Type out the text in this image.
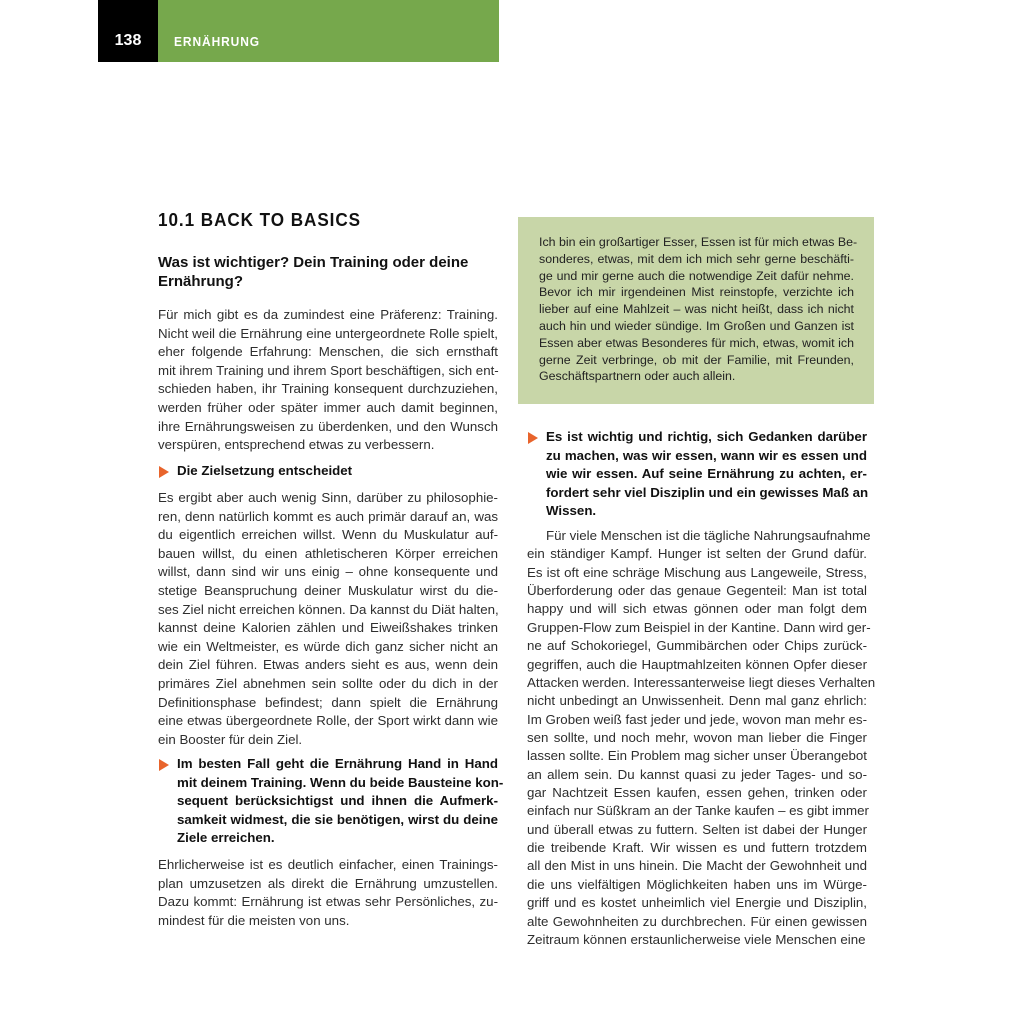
138	ERNÄHRUNG
10.1 BACK TO BASICS
Was ist wichtiger? Dein Training oder deine Ernährung?
Für mich gibt es da zumindest eine Präferenz: Training.
Nicht weil die Ernährung eine untergeordnete Rolle spielt,
eher folgende Erfahrung: Menschen, die sich ernsthaft
mit ihrem Training und ihrem Sport beschäftigen, sich ent-
schieden haben, ihr Training konsequent durchzuziehen,
werden früher oder später immer auch damit beginnen,
ihre Ernährungsweisen zu überdenken, und den Wunsch
verspüren, entsprechend etwas zu verbessern.
Die Zielsetzung entscheidet
Es ergibt aber auch wenig Sinn, darüber zu philosophie-
ren, denn natürlich kommt es auch primär darauf an, was
du eigentlich erreichen willst. Wenn du Muskulatur auf-
bauen willst, du einen athletischeren Körper erreichen
willst, dann sind wir uns einig – ohne konsequente und
stetige Beanspruchung deiner Muskulatur wirst du die-
ses Ziel nicht erreichen können. Da kannst du Diät halten,
kannst deine Kalorien zählen und Eiweißshakes trinken
wie ein Weltmeister, es würde dich ganz sicher nicht an
dein Ziel führen. Etwas anders sieht es aus, wenn dein
primäres Ziel abnehmen sein sollte oder du dich in der
Definitionsphase befindest; dann spielt die Ernährung
eine etwas übergeordnete Rolle, der Sport wirkt dann wie
ein Booster für dein Ziel.
Im besten Fall geht die Ernährung Hand in Hand
mit deinem Training. Wenn du beide Bausteine kon-
sequent berücksichtigst und ihnen die Aufmerk-
samkeit widmest, die sie benötigen, wirst du deine
Ziele erreichen.
Ehrlicherweise ist es deutlich einfacher, einen Trainings-
plan umzusetzen als direkt die Ernährung umzustellen.
Dazu kommt: Ernährung ist etwas sehr Persönliches, zu-
mindest für die meisten von uns.
Ich bin ein großartiger Esser, Essen ist für mich etwas Be-
sonderes, etwas, mit dem ich mich sehr gerne beschäfti-
ge und mir gerne auch die notwendige Zeit dafür nehme.
Bevor ich mir irgendeinen Mist reinstopfe, verzichte ich
lieber auf eine Mahlzeit – was nicht heißt, dass ich nicht
auch hin und wieder sündige. Im Großen und Ganzen ist
Essen aber etwas Besonderes für mich, etwas, womit ich
gerne Zeit verbringe, ob mit der Familie, mit Freunden,
Geschäftspartnern oder auch allein.
Es ist wichtig und richtig, sich Gedanken darüber
zu machen, was wir essen, wann wir es essen und
wie wir essen. Auf seine Ernährung zu achten, er-
fordert sehr viel Disziplin und ein gewisses Maß an
Wissen.
Für viele Menschen ist die tägliche Nahrungsaufnahme
ein ständiger Kampf. Hunger ist selten der Grund dafür.
Es ist oft eine schräge Mischung aus Langeweile, Stress,
Überforderung oder das genaue Gegenteil: Man ist total
happy und will sich etwas gönnen oder man folgt dem
Gruppen-Flow zum Beispiel in der Kantine. Dann wird ger-
ne auf Schokoriegel, Gummibärchen oder Chips zurück-
gegriffen, auch die Hauptmahlzeiten können Opfer dieser
Attacken werden. Interessanterweise liegt dieses Verhalten
nicht unbedingt an Unwissenheit. Denn mal ganz ehrlich:
Im Groben weiß fast jeder und jede, wovon man mehr es-
sen sollte, und noch mehr, wovon man lieber die Finger
lassen sollte. Ein Problem mag sicher unser Überangebot
an allem sein. Du kannst quasi zu jeder Tages- und so-
gar Nachtzeit Essen kaufen, essen gehen, trinken oder
einfach nur Süßkram an der Tanke kaufen – es gibt immer
und überall etwas zu futtern. Selten ist dabei der Hunger
die treibende Kraft. Wir wissen es und futtern trotzdem
all den Mist in uns hinein. Die Macht der Gewohnheit und
die uns vielfältigen Möglichkeiten haben uns im Würge-
griff und es kostet unheimlich viel Energie und Disziplin,
alte Gewohnheiten zu durchbrechen. Für einen gewissen
Zeitraum können erstaunlicherweise viele Menschen eine
